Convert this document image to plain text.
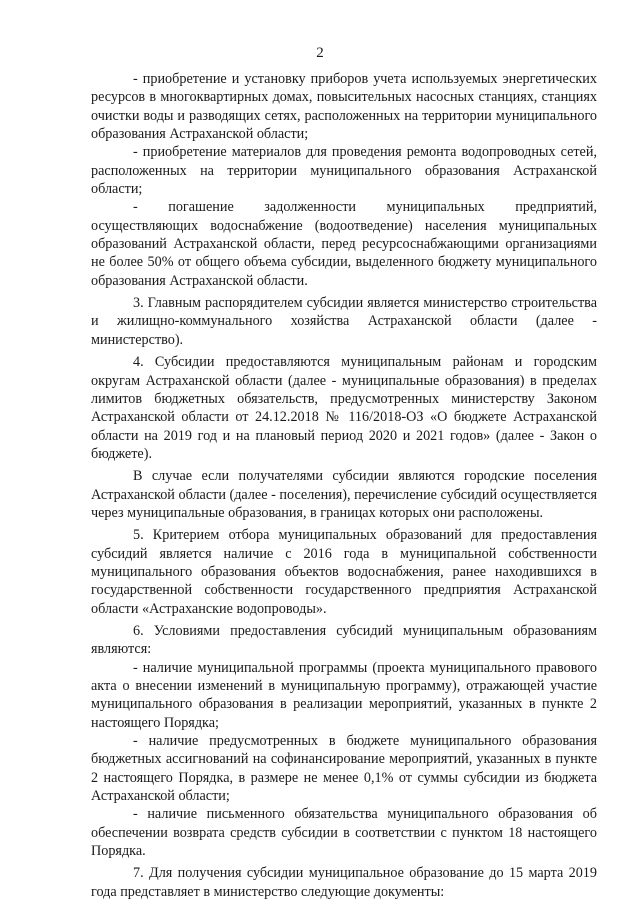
2

- приобретение и установку приборов учета используемых энергетических ресурсов в многоквартирных домах, повысительных насосных станциях, станциях очистки воды и разводящих сетях, расположенных на территории муниципального образования Астраханской области;

- приобретение материалов для проведения ремонта водопроводных сетей, расположенных на территории муниципального образования Астраханской области;

- погашение задолженности муниципальных предприятий, осуществляющих водоснабжение (водоотведение) населения муниципальных образований Астраханской области, перед ресурсоснабжающими организациями не более 50% от общего объема субсидии, выделенного бюджету муниципального образования Астраханской области.

3. Главным распорядителем субсидии является министерство строительства и жилищно-коммунального хозяйства Астраханской области (далее - министерство).

4. Субсидии предоставляются муниципальным районам и городским округам Астраханской области (далее - муниципальные образования) в пределах лимитов бюджетных обязательств, предусмотренных министерству Законом Астраханской области от 24.12.2018 № 116/2018-ОЗ «О бюджете Астраханской области на 2019 год и на плановый период 2020 и 2021 годов» (далее - Закон о бюджете).

В случае если получателями субсидии являются городские поселения Астраханской области (далее - поселения), перечисление субсидий осуществляется через муниципальные образования, в границах которых они расположены.

5. Критерием отбора муниципальных образований для предоставления субсидий является наличие с 2016 года в муниципальной собственности муниципального образования объектов водоснабжения, ранее находившихся в государственной собственности государственного предприятия Астраханской области «Астраханские водопроводы».

6. Условиями предоставления субсидий муниципальным образованиям являются:

- наличие муниципальной программы (проекта муниципального правового акта о внесении изменений в муниципальную программу), отражающей участие муниципального образования в реализации мероприятий, указанных в пункте 2 настоящего Порядка;

- наличие предусмотренных в бюджете муниципального образования бюджетных ассигнований на софинансирование мероприятий, указанных в пункте 2 настоящего Порядка, в размере не менее 0,1% от суммы субсидии из бюджета Астраханской области;

- наличие письменного обязательства муниципального образования об обеспечении возврата средств субсидии в соответствии с пунктом 18 настоящего Порядка.

7. Для получения субсидии муниципальное образование до 15 марта 2019 года представляет в министерство следующие документы:
